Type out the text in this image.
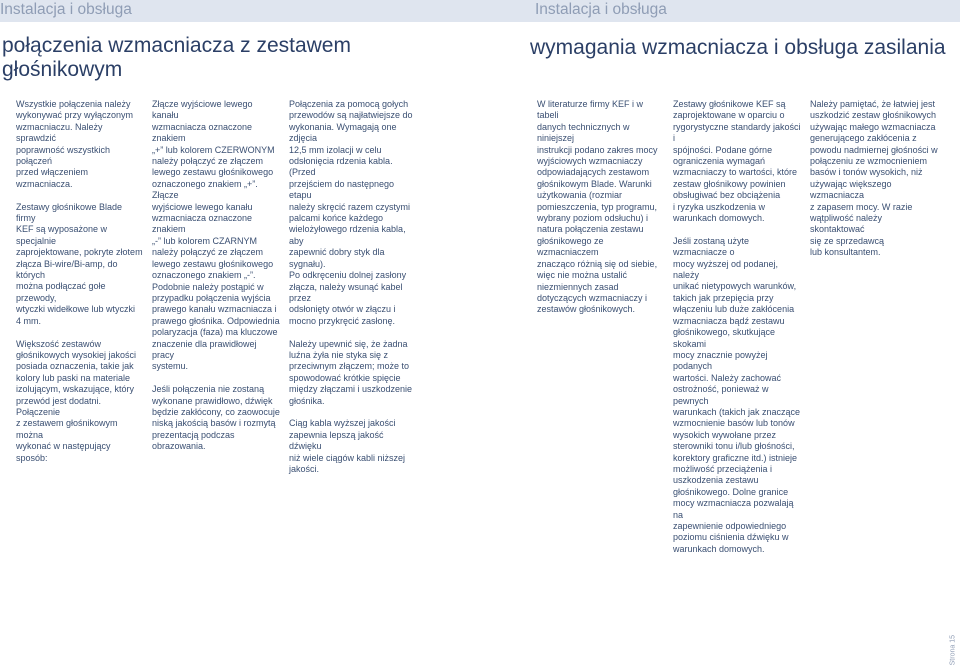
Instalacja i obsługa	Instalacja i obsługa
połączenia wzmacniacza z zestawem głośnikowym
wymagania wzmacniacza i obsługa zasilania

Wszystkie połączenia należy
wykonywać przy wyłączonym
wzmacniaczu. Należy sprawdzić
poprawność wszystkich połączeń
przed włączeniem wzmacniacza.

Zestawy głośnikowe Blade firmy
KEF są wyposażone w specjalnie
zaprojektowane, pokryte złotem
złącza Bi-wire/Bi-amp, do których
można podłączać gołe przewody,
wtyczki widełkowe lub wtyczki
4 mm.

Większość zestawów
głośnikowych wysokiej jakości
posiada oznaczenia, takie jak
kolory lub paski na materiale
izolującym, wskazujące, który
przewód jest dodatni. Połączenie
z zestawem głośnikowym można
wykonać w następujący sposób:

Złącze wyjściowe lewego kanału
wzmacniacza oznaczone znakiem
„+” lub kolorem CZERWONYM
należy połączyć ze złączem
lewego zestawu głośnikowego
oznaczonego znakiem „+”. Złącze
wyjściowe lewego kanału
wzmacniacza oznaczone znakiem
„-” lub kolorem CZARNYM
należy połączyć ze złączem
lewego zestawu głośnikowego
oznaczonego znakiem „-”.
Podobnie należy postąpić w
przypadku połączenia wyjścia
prawego kanału wzmacniacza i
prawego głośnika. Odpowiednia
polaryzacja (faza) ma kluczowe
znaczenie dla prawidłowej pracy
systemu.

Jeśli połączenia nie zostaną
wykonane prawidłowo, dźwięk
będzie zakłócony, co zaowocuje
niską jakością basów i rozmytą
prezentacją podczas obrazowania.

Połączenia za pomocą gołych
przewodów są najłatwiejsze do
wykonania. Wymagają one zdjęcia
12,5 mm izolacji w celu
odsłonięcia rdzenia kabla. (Przed
przejściem do następnego etapu
należy skręcić razem czystymi
palcami końce każdego
wielożyłowego rdzenia kabla, aby
zapewnić dobry styk dla sygnału).
Po odkręceniu dolnej zasłony
złącza, należy wsunąć kabel przez
odsłonięty otwór w złączu i
mocno przykręcić zasłonę.

Należy upewnić się, że żadna
luźna żyła nie styka się z
przeciwnym złączem; może to
spowodować krótkie spięcie
między złączami i uszkodzenie
głośnika.

Ciąg kabla wyższej jakości
zapewnia lepszą jakość dźwięku
niż wiele ciągów kabli niższej
jakości.

W literaturze firmy KEF i w tabeli
danych technicznych w niniejszej
instrukcji podano zakres mocy
wyjściowych wzmacniaczy
odpowiadających zestawom
głośnikowym Blade. Warunki
użytkowania (rozmiar
pomieszczenia, typ programu,
wybrany poziom odsłuchu) i
natura połączenia zestawu
głośnikowego ze wzmacniaczem
znacząco różnią się od siebie,
więc nie można ustalić
niezmiennych zasad
dotyczących wzmacniaczy i
zestawów głośnikowych.

Zestawy głośnikowe KEF są
zaprojektowane w oparciu o
rygorystyczne standardy jakości i
spójności. Podane górne
ograniczenia wymagań
wzmacniaczy to wartości, które
zestaw głośnikowy powinien
obsługiwać bez obciążenia
i ryzyka uszkodzenia w
warunkach domowych.

Jeśli zostaną użyte wzmacniacze o
mocy wyższej od podanej, należy
unikać nietypowych warunków,
takich jak przepięcia przy
włączeniu lub duże zakłócenia
wzmacniacza bądź zestawu
głośnikowego, skutkujące skokami
mocy znacznie powyżej podanych
wartości. Należy zachować
ostrożność, ponieważ w pewnych
warunkach (takich jak znaczące
wzmocnienie basów lub tonów
wysokich wywołane przez
sterowniki tonu i/lub głośności,
korektory graficzne itd.) istnieje
możliwość przeciążenia i
uszkodzenia zestawu
głośnikowego. Dolne granice
mocy wzmacniacza pozwalają na
zapewnienie odpowiedniego
poziomu ciśnienia dźwięku w
warunkach domowych.

Należy pamiętać, że łatwiej jest
uszkodzić zestaw głośnikowych
używając małego wzmacniacza
generującego zakłócenia z
powodu nadmiernej głośności w
połączeniu ze wzmocnieniem
basów i tonów wysokich, niż
używając większego wzmacniacza
z zapasem mocy. W razie
wątpliwość należy skontaktować
się ze sprzedawcą
lub konsultantem.

Strona 15
